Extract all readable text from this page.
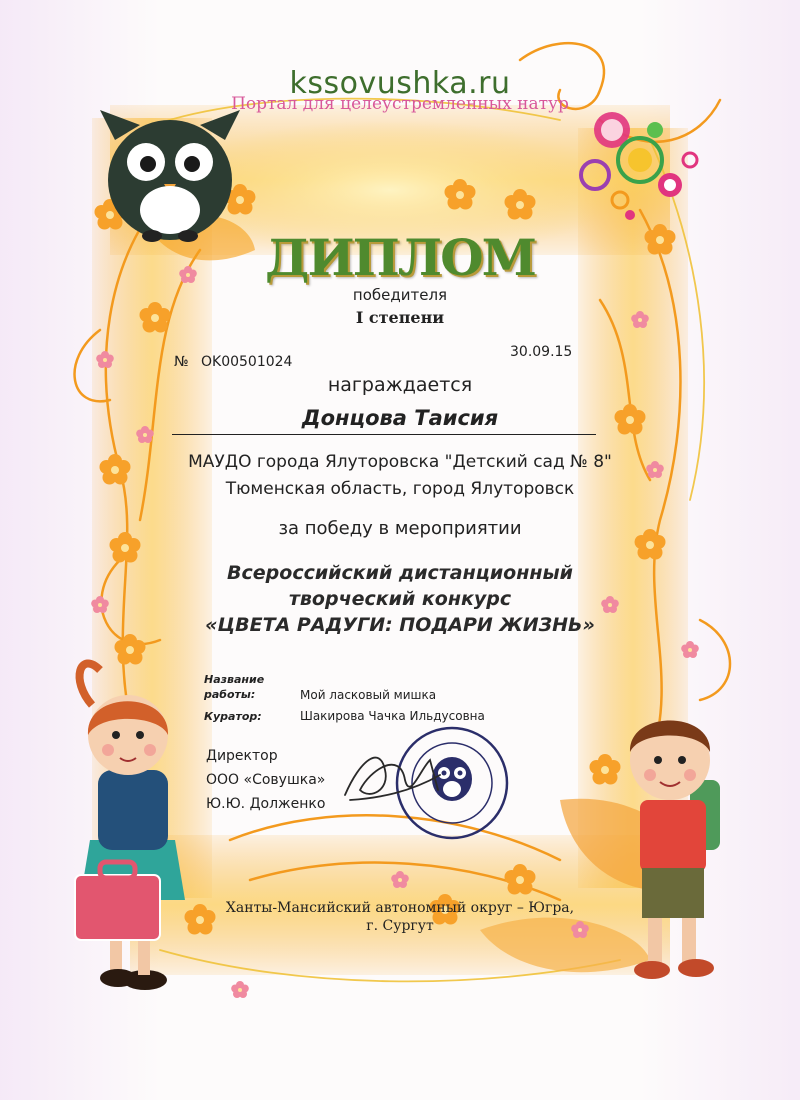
kssovushka.ru
Портал для целеустремленных натур
ДИПЛОМ
победителя
I степени
№ OK00501024
30.09.15
награждается
Донцова Таисия
МАУДО города Ялуторовска "Детский сад № 8"
Тюменская область, город Ялуторовск
за победу в мероприятии
Всероссийский дистанционный
творческий конкурс
«ЦВЕТА РАДУГИ: ПОДАРИ ЖИЗНЬ»
Название
работы:	Мой ласковый мишка
Куратор:	Шакирова Чачка Ильдусовна
Директор
ООО «Совушка»
Ю.Ю. Долженко
Ханты-Мансийский автономный округ – Югра,
г. Сургут
